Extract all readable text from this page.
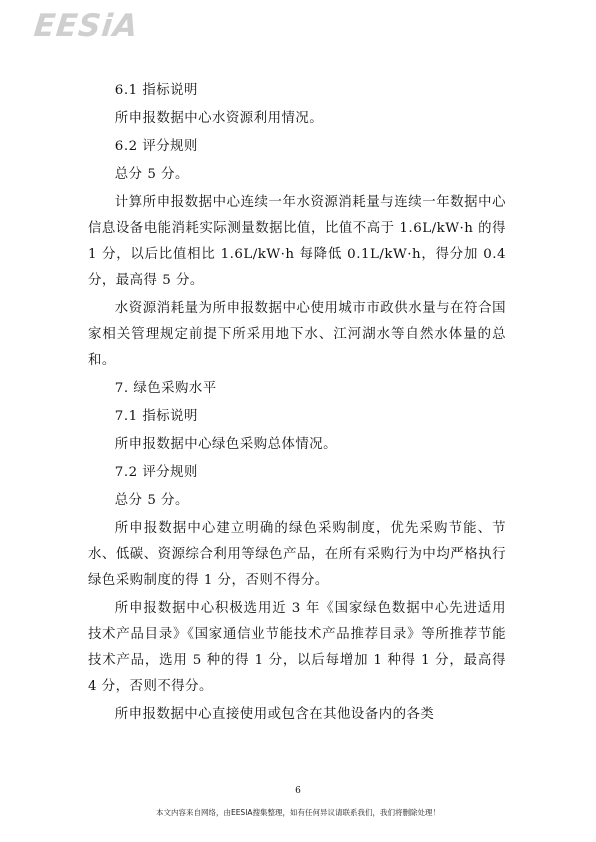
EESiA

6.1 指标说明

所申报数据中心水资源利用情况。

6.2 评分规则

总分 5 分。

计算所申报数据中心连续一年水资源消耗量与连续一年数据中心信息设备电能消耗实际测量数据比值，比值不高于 1.6L/kW·h 的得 1 分，以后比值相比 1.6L/kW·h 每降低 0.1L/kW·h，得分加 0.4 分，最高得 5 分。

水资源消耗量为所申报数据中心使用城市市政供水量与在符合国家相关管理规定前提下所采用地下水、江河湖水等自然水体量的总和。

7. 绿色采购水平

7.1 指标说明

所申报数据中心绿色采购总体情况。

7.2 评分规则

总分 5 分。

所申报数据中心建立明确的绿色采购制度，优先采购节能、节水、低碳、资源综合利用等绿色产品，在所有采购行为中均严格执行绿色采购制度的得 1 分，否则不得分。

所申报数据中心积极选用近 3 年《国家绿色数据中心先进适用技术产品目录》《国家通信业节能技术产品推荐目录》等所推荐节能技术产品，选用 5 种的得 1 分，以后每增加 1 种得 1 分，最高得 4 分，否则不得分。

所申报数据中心直接使用或包含在其他设备内的各类

6
本文内容来自网络，由EESIA搜集整理，如有任何异议请联系我们，我们将删除处理！
